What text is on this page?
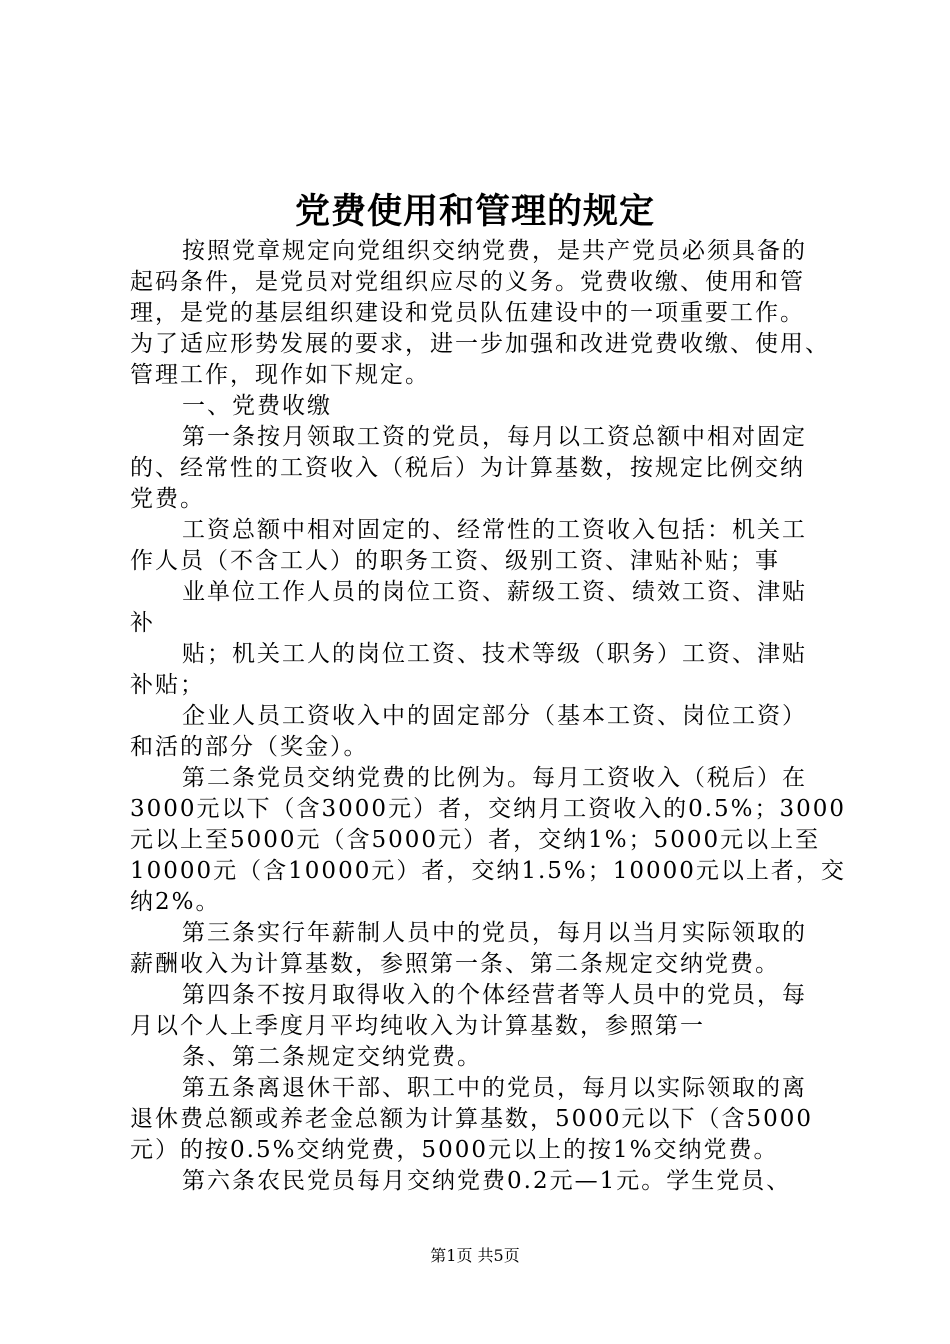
党费使用和管理的规定
按照党章规定向党组织交纳党费，是共产党员必须具备的
起码条件，是党员对党组织应尽的义务。党费收缴、使用和管
理，是党的基层组织建设和党员队伍建设中的一项重要工作。
为了适应形势发展的要求，进一步加强和改进党费收缴、使用、
管理工作，现作如下规定。
一、党费收缴
第一条按月领取工资的党员，每月以工资总额中相对固定
的、经常性的工资收入（税后）为计算基数，按规定比例交纳
党费。
工资总额中相对固定的、经常性的工资收入包括：机关工
作人员（不含工人）的职务工资、级别工资、津贴补贴；事
业单位工作人员的岗位工资、薪级工资、绩效工资、津贴
补
贴；机关工人的岗位工资、技术等级（职务）工资、津贴
补贴；
企业人员工资收入中的固定部分（基本工资、岗位工资）
和活的部分（奖金）。
第二条党员交纳党费的比例为。每月工资收入（税后）在
3000元以下（含3000元）者，交纳月工资收入的0.5%；3000
元以上至5000元（含5000元）者，交纳1%；5000元以上至
10000元（含10000元）者，交纳1.5%；10000元以上者，交
纳2%。
第三条实行年薪制人员中的党员，每月以当月实际领取的
薪酬收入为计算基数，参照第一条、第二条规定交纳党费。
第四条不按月取得收入的个体经营者等人员中的党员，每
月以个人上季度月平均纯收入为计算基数，参照第一
条、第二条规定交纳党费。
第五条离退休干部、职工中的党员，每月以实际领取的离
退休费总额或养老金总额为计算基数，5000元以下（含5000
元）的按0.5%交纳党费，5000元以上的按1%交纳党费。
第六条农民党员每月交纳党费0.2元—1元。学生党员、
第1页 共5页
